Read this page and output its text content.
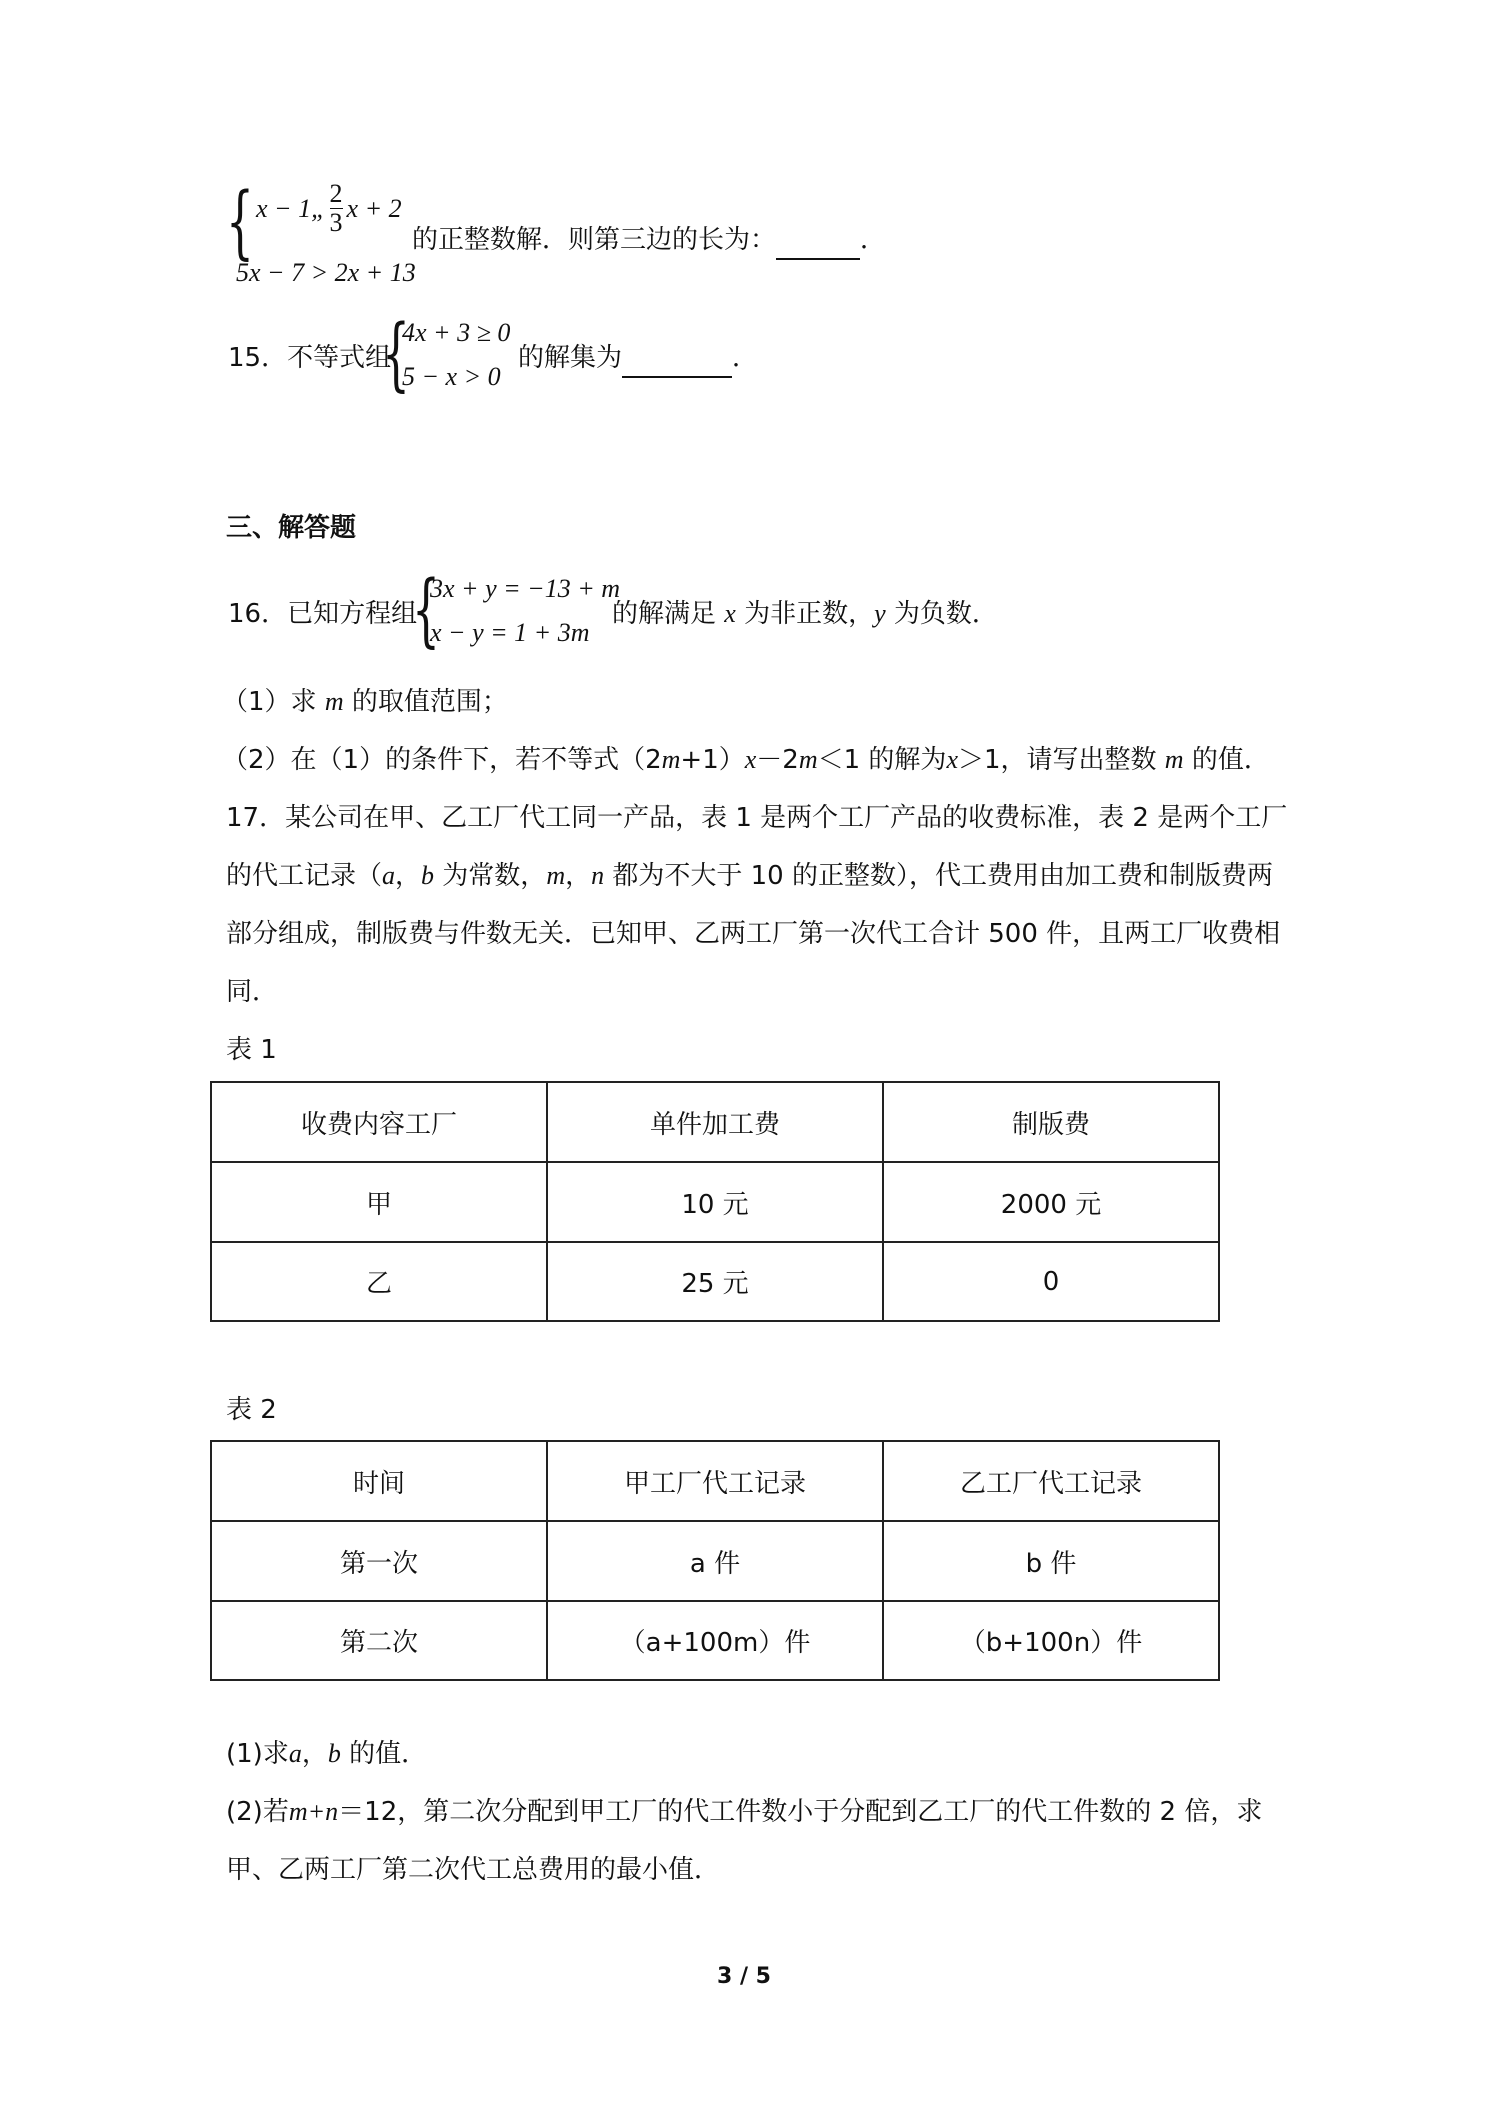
{ x − 1„ $\frac{2}{3}$ x + 2
5x − 7 > 2x + 13
的正整数解．则第三边的长为：	．
15．不等式组
{
4x + 3 ≥ 0
5 − x > 0
的解集为	．
三、解答题
16．已知方程组
{
3x + y = −13 + m
x − y = 1 + 3m
的解满足 x 为非正数，y 为负数．
（1）求 m 的取值范围；
（2）在（1）的条件下，若不等式（2m+1）x－2m＜1 的解为x＞1，请写出整数 m 的值．
17．某公司在甲、乙工厂代工同一产品，表 1 是两个工厂产品的收费标准，表 2 是两个工厂
的代工记录（a，b 为常数，m，n 都为不大于 10 的正整数），代工费用由加工费和制版费两
部分组成，制版费与件数无关．已知甲、乙两工厂第一次代工合计 500 件，且两工厂收费相
同．
表 1
收费内容工厂	单件加工费	制版费
甲	10 元	2000 元
乙	25 元	0
表 2
时间	甲工厂代工记录	乙工厂代工记录
第一次	a 件	b 件
第二次	（a+100m）件	（b+100n）件
(1)求a，b 的值．
(2)若m+n＝12，第二次分配到甲工厂的代工件数小于分配到乙工厂的代工件数的 2 倍，求
甲、乙两工厂第二次代工总费用的最小值．
3 / 5
